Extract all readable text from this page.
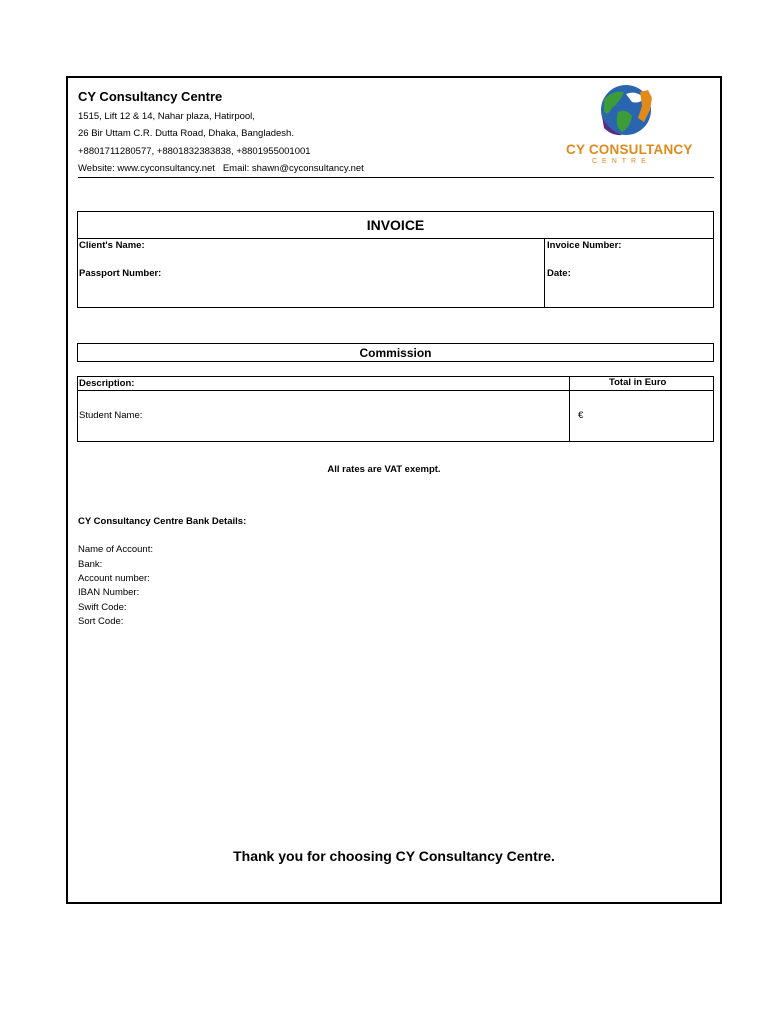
CY Consultancy Centre
1515, Lift 12 & 14, Nahar plaza, Hatirpool,
26 Bir Uttam C.R. Dutta Road, Dhaka, Bangladesh.
+8801711280577, +8801832383838, +8801955001001
Website: www.cyconsultancy.net   Email: shawn@cyconsultancy.net
CY CONSULTANCY
CENTRE
INVOICE
Client's Name:
Passport Number:
Invoice Number:
Date:
Commission
Description:	Total in Euro
Student Name:	€
All rates are VAT exempt.
CY Consultancy Centre Bank Details:
Name of Account:
Bank:
Account number:
IBAN Number:
Swift Code:
Sort Code:
Thank you for choosing CY Consultancy Centre.
